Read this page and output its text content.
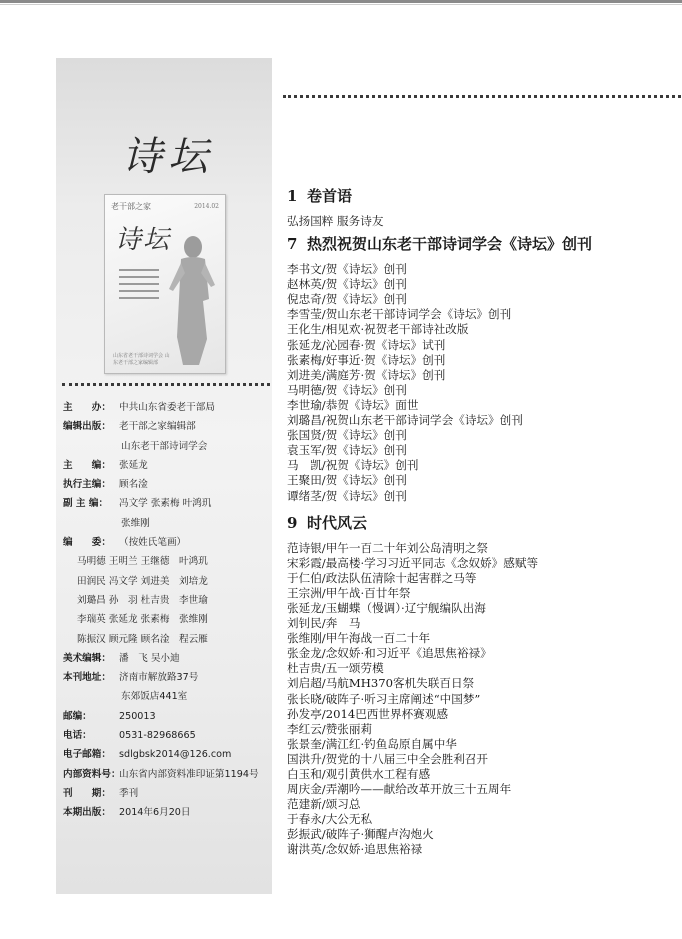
诗坛
老干部之家	2014.02
诗坛
山东省老干部诗词学会 山东老干部之家编辑部
主　　办： 中共山东省委老干部局
编辑出版： 老干部之家编辑部
山东老干部诗词学会
主　　编： 张延龙
执行主编： 顾名淦
副 主 编： 冯文学 张素梅 叶鸿玑
张维刚
编　　委： （按姓氏笔画）
马明德 王明兰 王继德　叶鸿玑
田润民 冯文学 刘进美　刘培龙
刘璐昌 孙　羽 杜吉贵　李世瑜
李瑞英 张延龙 张素梅　张维刚
陈振汉 顾元隆 顾名淦　程云雁
美术编辑： 潘　飞 吴小迪
本刊地址： 济南市解放路37号
东郊饭店441室
邮编：	250013
电话：	0531-82968665
电子邮箱： sdlgbsk2014@126.com
内部资料号：山东省内部资料准印证第1194号
刊　　期： 季刊
本期出版： 2014年6月20日
1 卷首语
弘扬国粹 服务诗友
7 热烈祝贺山东老干部诗词学会《诗坛》创刊
李书文/贺《诗坛》创刊
赵林英/贺《诗坛》创刊
倪忠奇/贺《诗坛》创刊
李雪莹/贺山东老干部诗词学会《诗坛》创刊
王化生/相见欢·祝贺老干部诗社改版
张延龙/沁园春·贺《诗坛》试刊
张素梅/好事近·贺《诗坛》创刊
刘进美/满庭芳·贺《诗坛》创刊
马明德/贺《诗坛》创刊
李世瑜/恭贺《诗坛》面世
刘璐昌/祝贺山东老干部诗词学会《诗坛》创刊
张国贤/贺《诗坛》创刊
袁玉军/贺《诗坛》创刊
马　凯/祝贺《诗坛》创刊
王聚田/贺《诗坛》创刊
谭绪茎/贺《诗坛》创刊
9 时代风云
范诗银/甲午一百二十年刘公岛清明之祭
宋彩霞/最高楼·学习习近平同志《念奴娇》感赋等
于仁伯/政法队伍清除十起害群之马等
王宗洲/甲午战·百廿年祭
张延龙/玉蝴蝶（慢调）·辽宁舰编队出海
刘钊民/奔　马
张维刚/甲午海战一百二十年
张金龙/念奴娇·和习近平《追思焦裕禄》
杜吉贵/五一颂劳模
刘启超/马航MH370客机失联百日祭
张长晓/破阵子·听习主席阐述“中国梦”
孙发亭/2014巴西世界杯赛观感
李红云/赞张丽莉
张景奎/满江红·钓鱼岛原自属中华
国洪升/贺党的十八届三中全会胜利召开
白玉和/观引黄供水工程有感
周庆金/弄潮吟——献给改革开放三十五周年
范建新/颂习总
于春永/大公无私
彭振武/破阵子·狮醒卢沟炮火
谢洪英/念奴娇·追思焦裕禄
